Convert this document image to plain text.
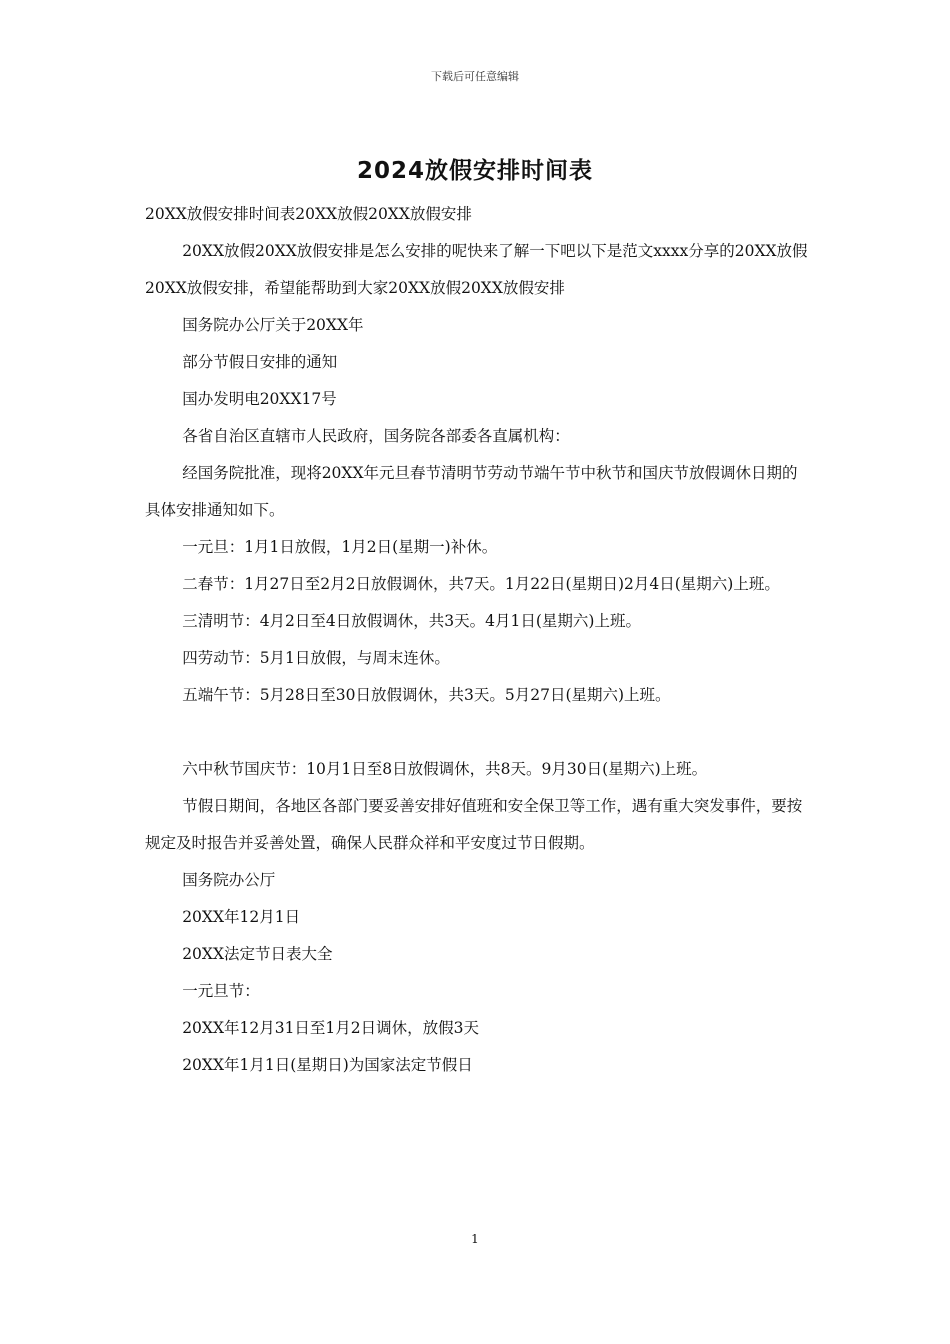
下载后可任意编辑
2024放假安排时间表

20XX放假安排时间表20XX放假20XX放假安排

20XX放假20XX放假安排是怎么安排的呢快来了解一下吧以下是范文xxxx分享的20XX放假20XX放假安排，希望能帮助到大家20XX放假20XX放假安排

国务院办公厅关于20XX年

部分节假日安排的通知

国办发明电20XX17号

各省自治区直辖市人民政府，国务院各部委各直属机构：

经国务院批准，现将20XX年元旦春节清明节劳动节端午节中秋节和国庆节放假调休日期的具体安排通知如下。

一元旦：1月1日放假，1月2日(星期一)补休。

二春节：1月27日至2月2日放假调休，共7天。1月22日(星期日)2月4日(星期六)上班。

三清明节：4月2日至4日放假调休，共3天。4月1日(星期六)上班。

四劳动节：5月1日放假，与周末连休。

五端午节：5月28日至30日放假调休，共3天。5月27日(星期六)上班。

六中秋节国庆节：10月1日至8日放假调休，共8天。9月30日(星期六)上班。

节假日期间，各地区各部门要妥善安排好值班和安全保卫等工作，遇有重大突发事件，要按规定及时报告并妥善处置，确保人民群众祥和平安度过节日假期。

国务院办公厅

20XX年12月1日

20XX法定节日表大全

一元旦节：

20XX年12月31日至1月2日调休，放假3天

20XX年1月1日(星期日)为国家法定节假日

1
